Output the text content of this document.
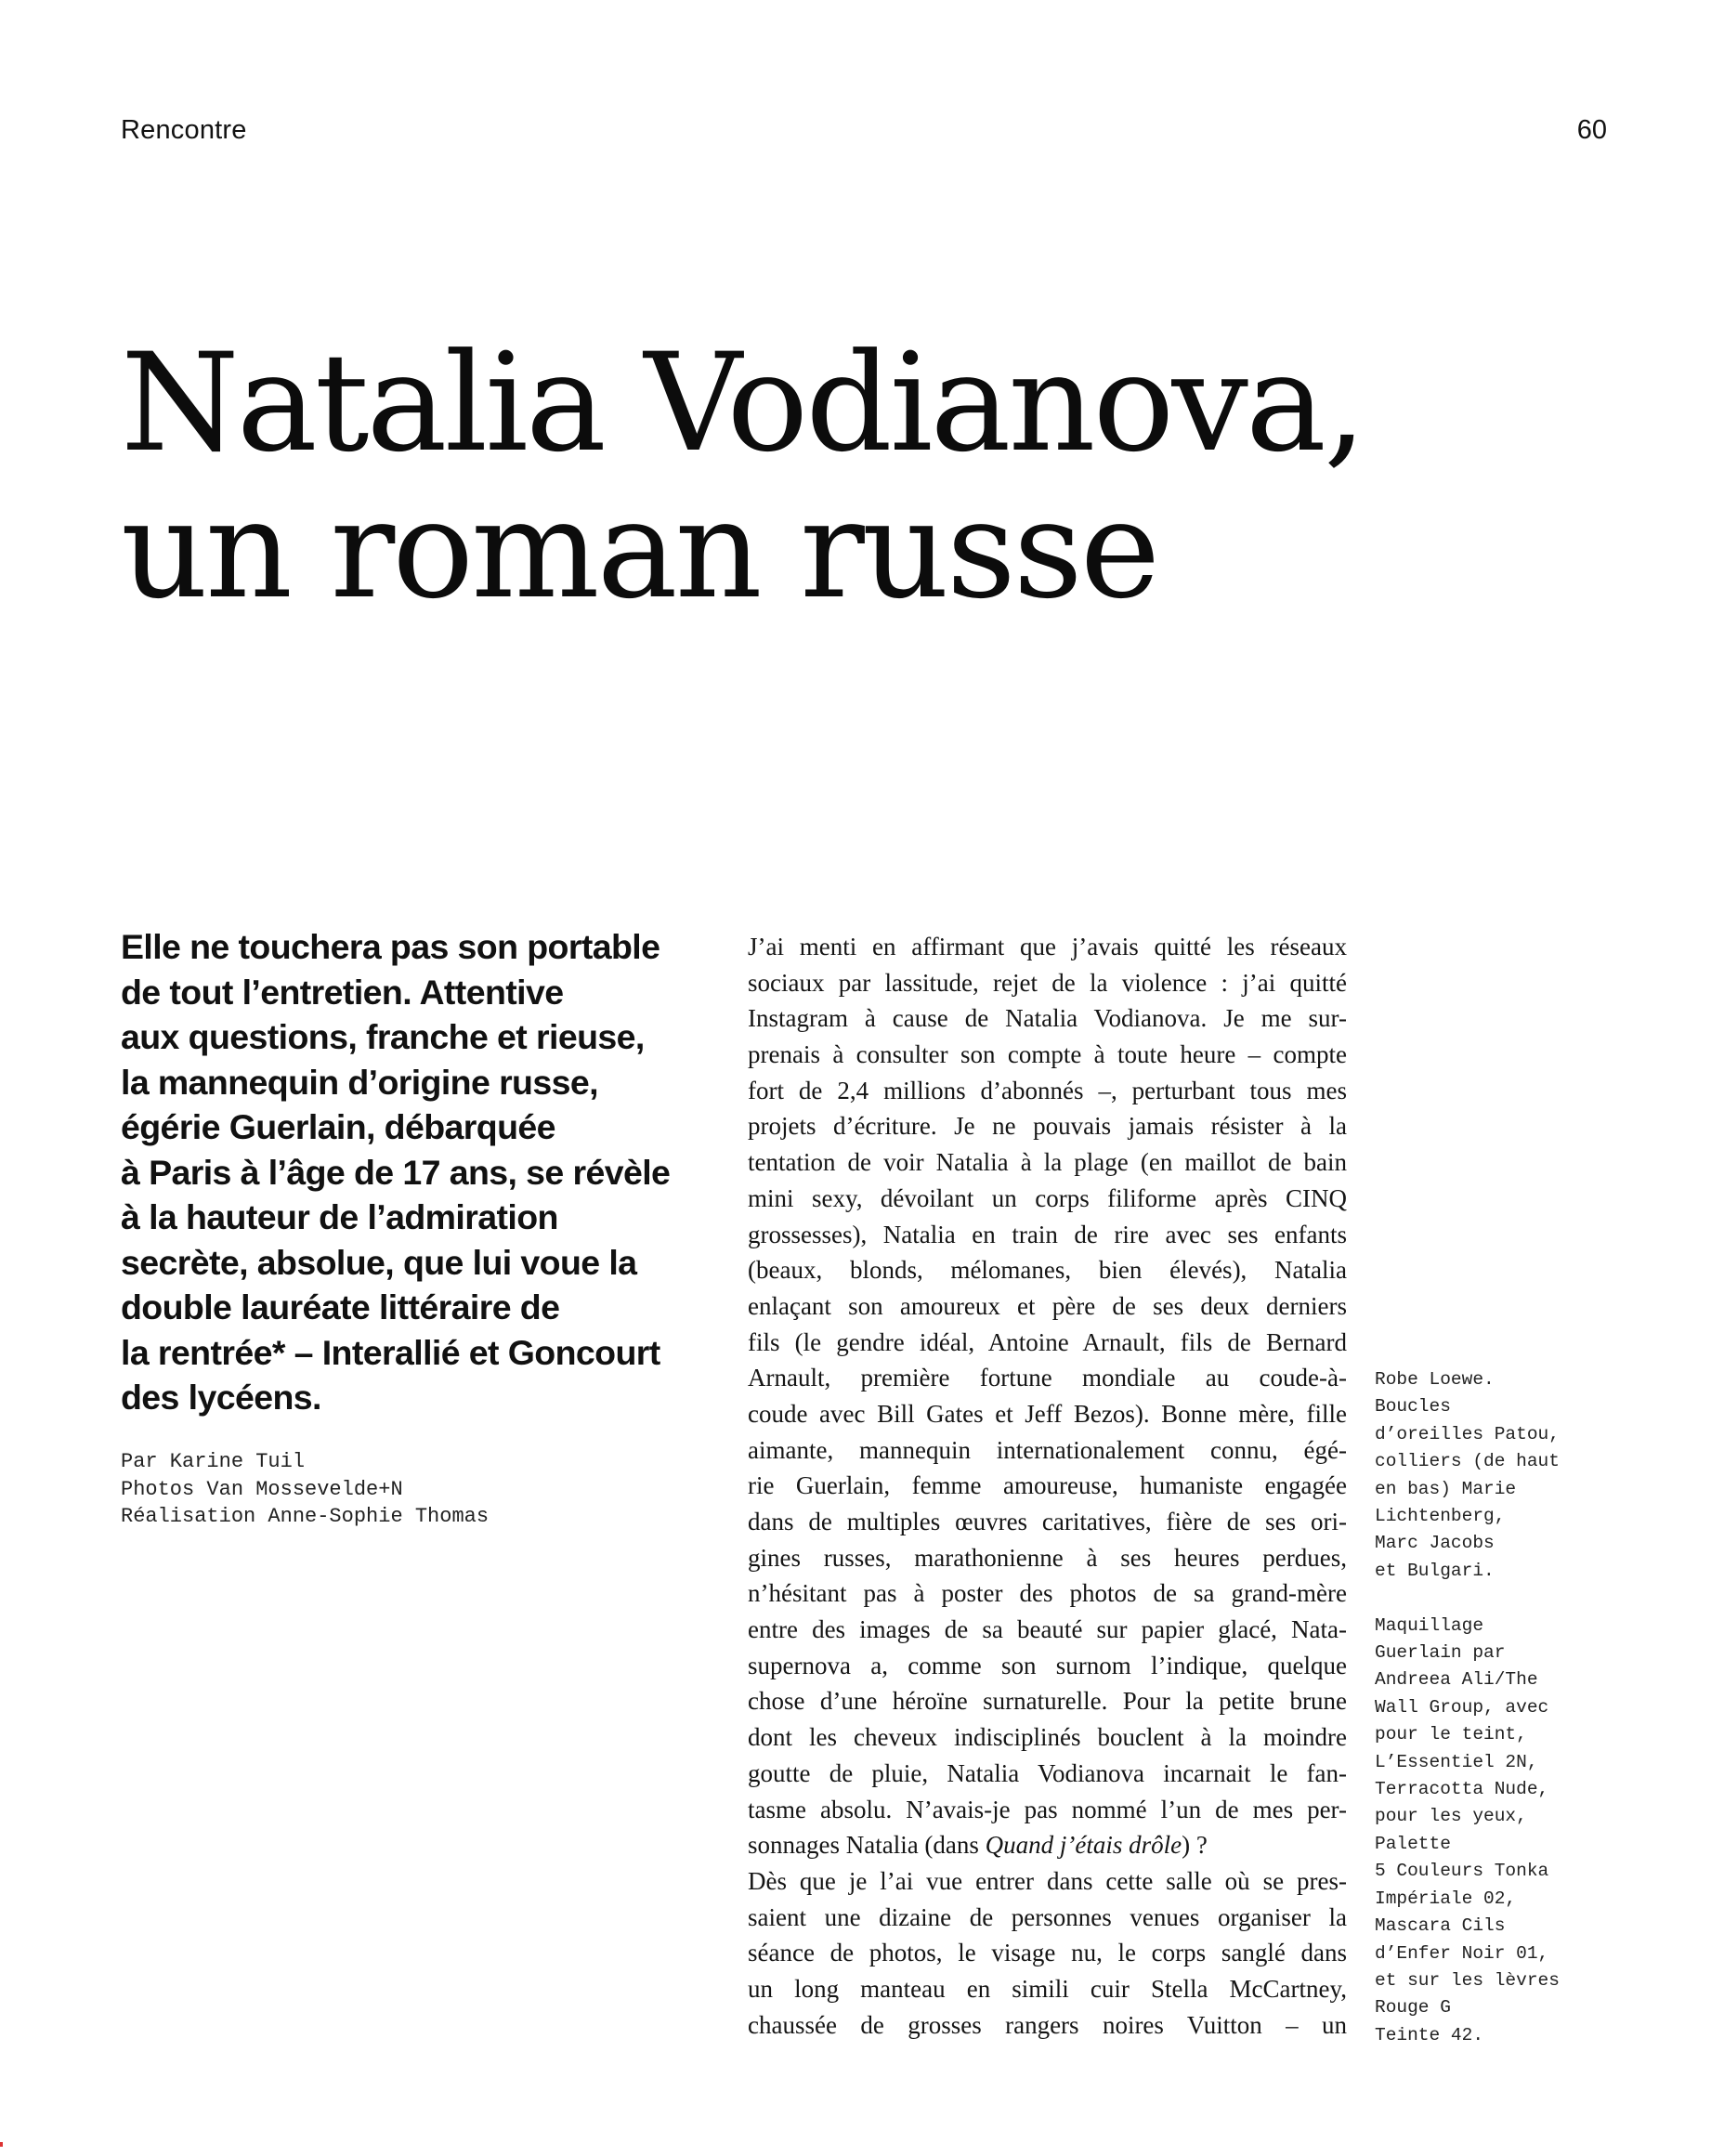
Rencontre	60
Natalia Vodianova,
un roman russe
Elle ne touchera pas son portable
de tout l’entretien. Attentive
aux questions, franche et rieuse,
la mannequin d’origine russe,
égérie Guerlain, débarquée
à Paris à l’âge de 17 ans, se révèle
à la hauteur de l’admiration
secrète, absolue, que lui voue la
double lauréate littéraire de
la rentrée* – Interallié et Goncourt
des lycéens.
Par Karine Tuil
Photos Van Mosseveldе+N
Réalisation Anne-Sophie Thomas
J’ai menti en affirmant que j’avais quitté les réseaux
sociaux par lassitude, rejet de la violence : j’ai quitté
Instagram à cause de Natalia Vodianova. Je me sur-
prenais à consulter son compte à toute heure – compte
fort de 2,4 millions d’abonnés –, perturbant tous mes
projets d’écriture. Je ne pouvais jamais résister à la
tentation de voir Natalia à la plage (en maillot de bain
mini sexy, dévoilant un corps filiforme après CINQ
grossesses), Natalia en train de rire avec ses enfants
(beaux, blonds, mélomanes, bien élevés), Natalia
enlaçant son amoureux et père de ses deux derniers
fils (le gendre idéal, Antoine Arnault, fils de Bernard
Arnault, première fortune mondiale au coude-à-
coude avec Bill Gates et Jeff Bezos). Bonne mère, fille
aimante, mannequin internationalement connu, égé-
rie Guerlain, femme amoureuse, humaniste engagée
dans de multiples œuvres caritatives, fière de ses ori-
gines russes, marathonienne à ses heures perdues,
n’hésitant pas à poster des photos de sa grand-mère
entre des images de sa beauté sur papier glacé, Nata-
supernova a, comme son surnom l’indique, quelque
chose d’une héroïne surnaturelle. Pour la petite brune
dont les cheveux indisciplinés bouclent à la moindre
goutte de pluie, Natalia Vodianova incarnait le fan-
tasme absolu. N’avais-je pas nommé l’un de mes per-
sonnages Natalia (dans Quand j’étais drôle) ?
Dès que je l’ai vue entrer dans cette salle où se pres-
saient une dizaine de personnes venues organiser la
séance de photos, le visage nu, le corps sanglé dans
un long manteau en simili cuir Stella McCartney,
chaussée de grosses rangers noires Vuitton – un
Robe Loewe.
Boucles
d’oreilles Patou,
colliers (de haut
en bas) Marie
Lichtenberg,
Marc Jacobs
et Bulgari.
Maquillage
Guerlain par
Andreea Ali/The
Wall Group, avec
pour le teint,
L’Essentiel 2N,
Terracotta Nude,
pour les yeux,
Palette
5 Couleurs Tonka
Impériale 02,
Mascara Cils
d’Enfer Noir 01,
et sur les lèvres
Rouge G
Teinte 42.
